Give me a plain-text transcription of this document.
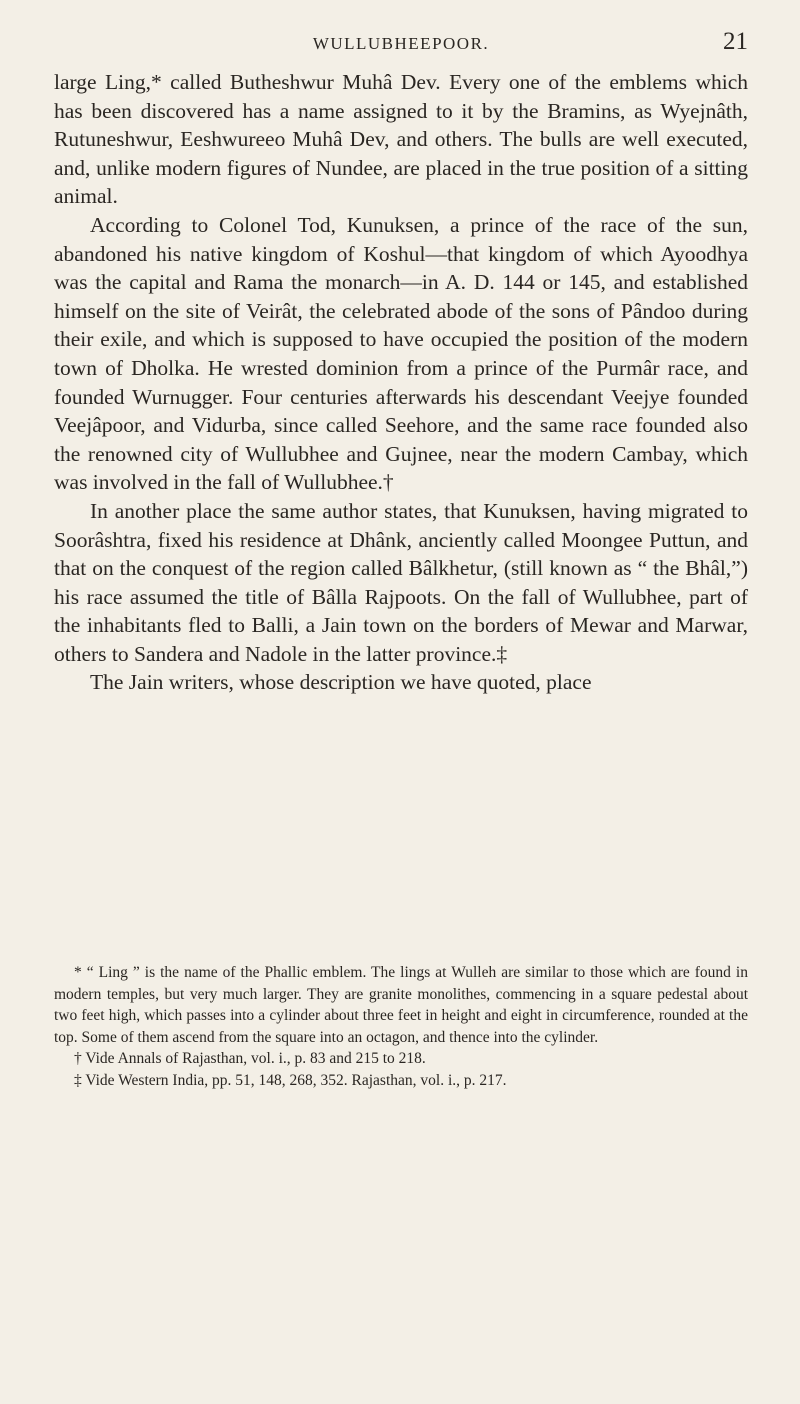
WULLUBHEEPOOR.	21

large Ling,* called Butheshwur Muhâ Dev. Every one of the emblems which has been discovered has a name assigned to it by the Bramins, as Wyejnâth, Rutuneshwur, Eeshwureeo Muhâ Dev, and others. The bulls are well executed, and, unlike modern figures of Nundee, are placed in the true position of a sitting animal.

According to Colonel Tod, Kunuksen, a prince of the race of the sun, abandoned his native kingdom of Koshul—that kingdom of which Ayoodhya was the capital and Rama the monarch—in A. D. 144 or 145, and established himself on the site of Veirât, the celebrated abode of the sons of Pândoo during their exile, and which is supposed to have occupied the position of the modern town of Dholka. He wrested dominion from a prince of the Purmâr race, and founded Wurnugger. Four centuries afterwards his descendant Veejye founded Veejâpoor, and Vidurba, since called Seehore, and the same race founded also the renowned city of Wullubhee and Gujnee, near the modern Cambay, which was involved in the fall of Wullubhee.†

In another place the same author states, that Kunuksen, having migrated to Soorâshtra, fixed his residence at Dhânk, anciently called Moongee Puttun, and that on the conquest of the region called Bâlkhetur, (still known as “ the Bhâl,”) his race assumed the title of Bâlla Rajpoots. On the fall of Wullubhee, part of the inhabitants fled to Balli, a Jain town on the borders of Mewar and Marwar, others to Sandera and Nadole in the latter province.‡

The Jain writers, whose description we have quoted, place

* “ Ling ” is the name of the Phallic emblem. The lings at Wulleh are similar to those which are found in modern temples, but very much larger. They are granite monolithes, commencing in a square pedestal about two feet high, which passes into a cylinder about three feet in height and eight in circumference, rounded at the top. Some of them ascend from the square into an octagon, and thence into the cylinder.

† Vide Annals of Rajasthan, vol. i., p. 83 and 215 to 218.

‡ Vide Western India, pp. 51, 148, 268, 352. Rajasthan, vol. i., p. 217.
